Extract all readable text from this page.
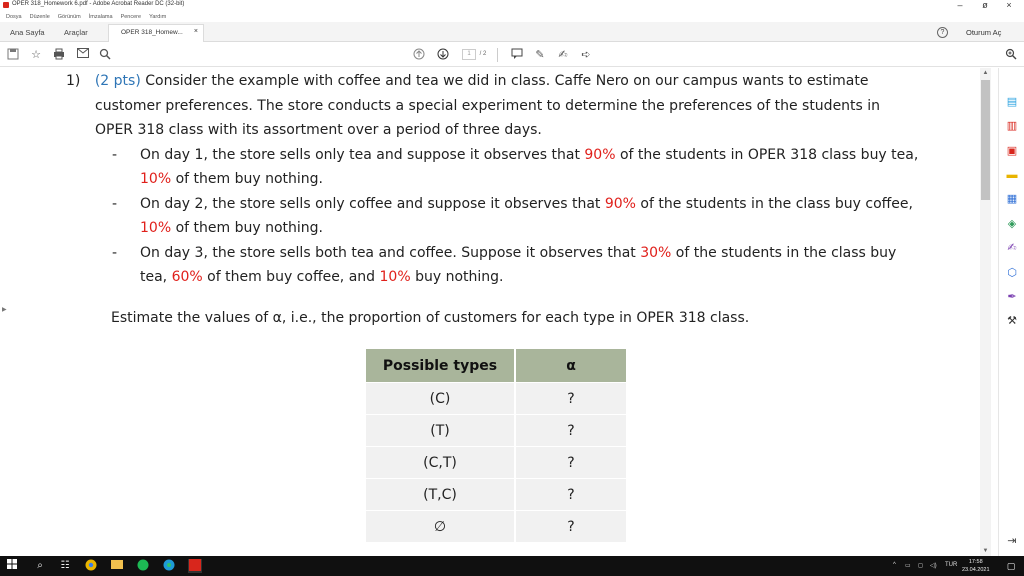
OPER 318_Homework 6.pdf - Adobe Acrobat Reader DC (32-bit)	–	ø	×
Dosya Düzenle Görünüm İmzalama Pencere Yardım
Ana Sayfa	Araçlar	OPER 318_Homew... ×	?	Oturum Aç
☆	1 / 2	✎ ✍ ➪
1) (2 pts) Consider the example with coffee and tea we did in class. Caffe Nero on our campus wants to estimate
customer preferences. The store conducts a special experiment to determine the preferences of the students in
OPER 318 class with its assortment over a period of three days.
- On day 1, the store sells only tea and suppose it observes that 90% of the students in OPER 318 class buy tea,
10% of them buy nothing.
- On day 2, the store sells only coffee and suppose it observes that 90% of the students in the class buy coffee,
10% of them buy nothing.
- On day 3, the store sells both tea and coffee. Suppose it observes that 30% of the students in the class buy
tea, 60% of them buy coffee, and 10% buy nothing.
Estimate the values of α, i.e., the proportion of customers for each type in OPER 318 class.
Possible types	α
(C)	?
(T)	?
(C,T)	?
(T,C)	?
∅	?
▶
▲
▼
▤
▥
▣
▬
▦
◈
✍
⬡
✒
⚒
⇥
⌕	☷	^ ▭ ◻ ◁) TUR	17:58
23.04.2021	▢
